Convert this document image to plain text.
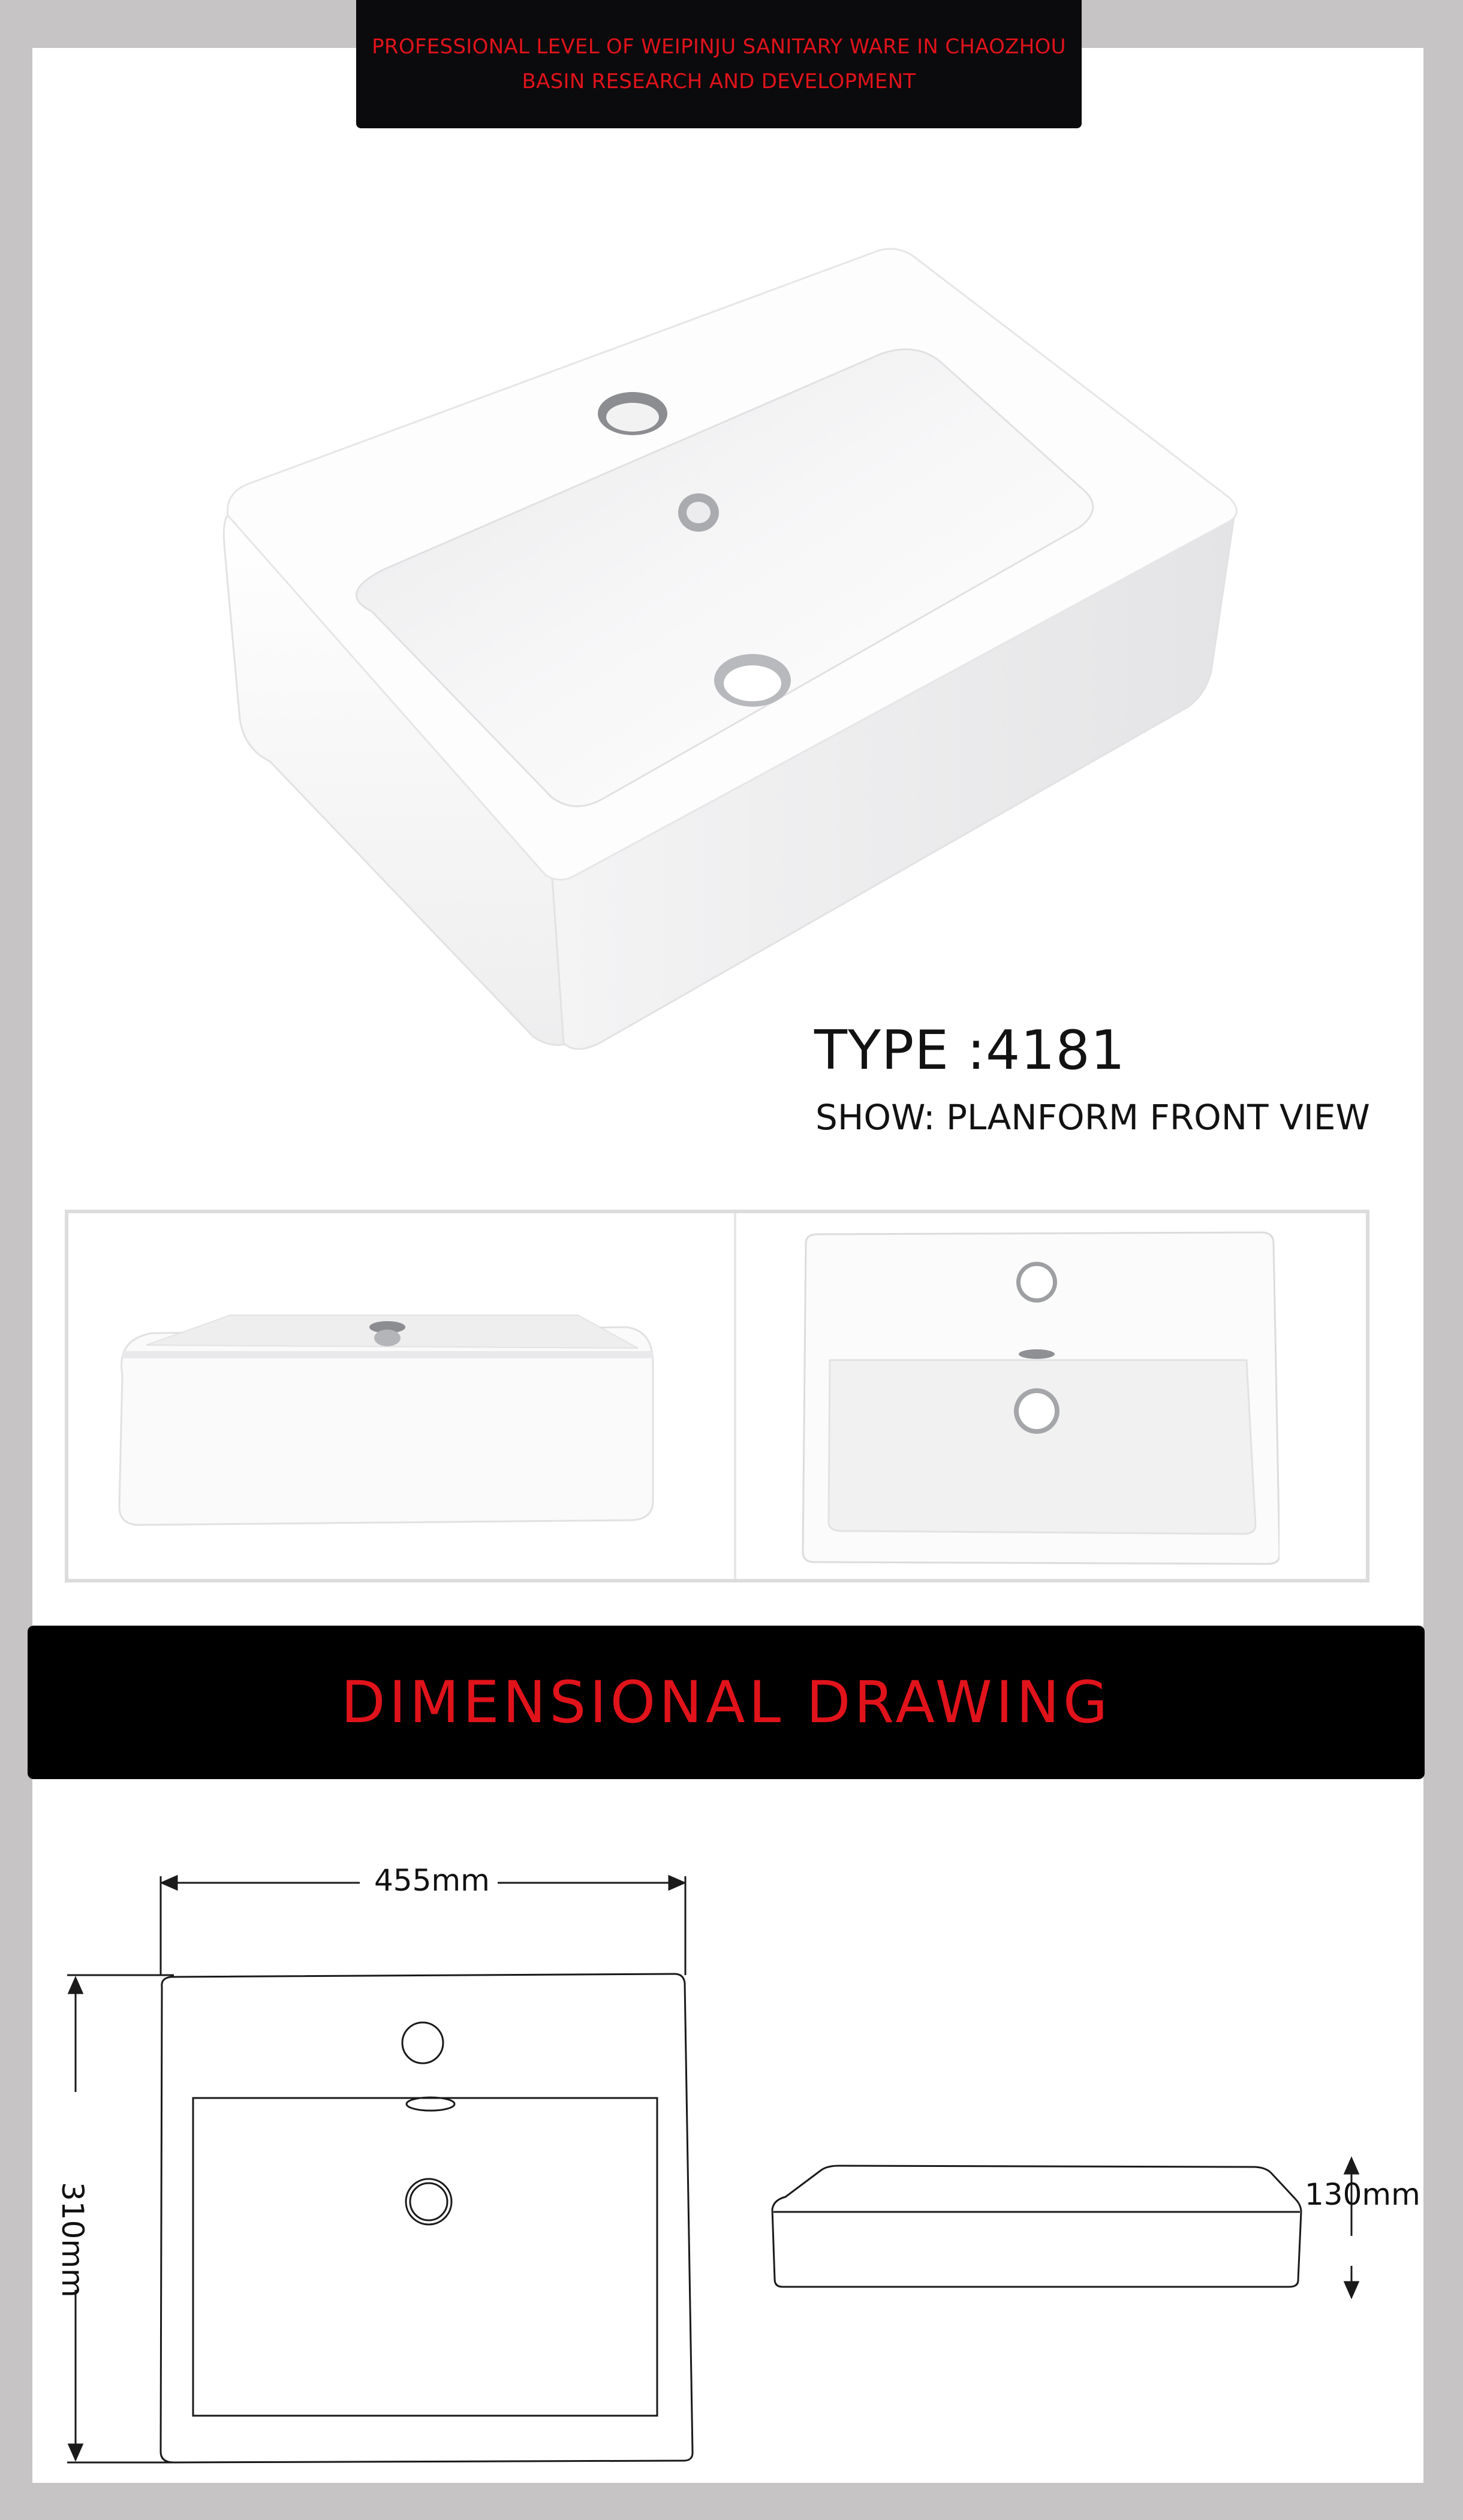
PROFESSIONAL LEVEL OF WEIPINJU SANITARY WARE IN CHAOZHOU
BASIN RESEARCH AND DEVELOPMENT
TYPE :4181
SHOW: PLANFORM FRONT VIEW
DIMENSIONAL DRAWING
455mm
310mm	130mm
